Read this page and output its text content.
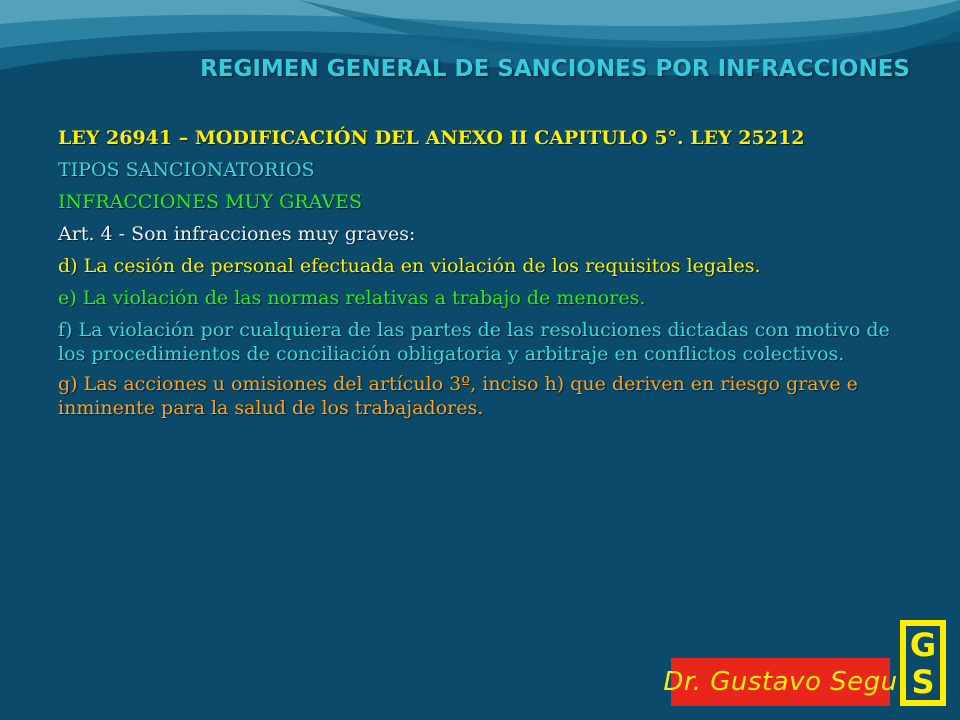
REGIMEN GENERAL DE SANCIONES POR INFRACCIONES
LEY 26941 – MODIFICACIÓN DEL ANEXO II CAPITULO 5°. LEY 25212
TIPOS SANCIONATORIOS
INFRACCIONES MUY GRAVES
Art. 4 - Son infracciones muy graves:
d) La cesión de personal efectuada en violación de los requisitos legales.
e) La violación de las normas relativas a trabajo de menores.
f) La violación por cualquiera de las partes de las resoluciones dictadas con motivo de los procedimientos de conciliación obligatoria y arbitraje en conflictos colectivos.
g) Las acciones u omisiones del artículo 3º, inciso h) que deriven en riesgo grave e inminente para la salud de los trabajadores.
Dr. Gustavo Segu
G
S
